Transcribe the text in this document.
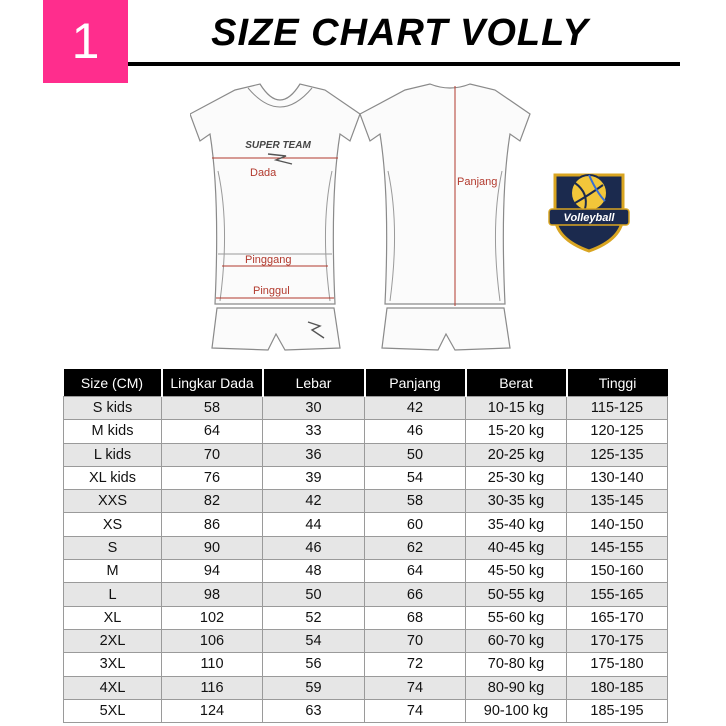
1	SIZE CHART VOLLY
SUPER TEAM
Dada
Pinggang
Pinggul
Panjang
Volleyball
Size (CM)	Lingkar Dada	Lebar	Panjang	Berat	Tinggi
S kids	58	30	42	10-15 kg	115-125
M kids	64	33	46	15-20 kg	120-125
L kids	70	36	50	20-25 kg	125-135
XL kids	76	39	54	25-30 kg	130-140
XXS	82	42	58	30-35 kg	135-145
XS	86	44	60	35-40 kg	140-150
S	90	46	62	40-45 kg	145-155
M	94	48	64	45-50 kg	150-160
L	98	50	66	50-55 kg	155-165
XL	102	52	68	55-60 kg	165-170
2XL	106	54	70	60-70 kg	170-175
3XL	110	56	72	70-80 kg	175-180
4XL	116	59	74	80-90 kg	180-185
5XL	124	63	74	90-100 kg	185-195
